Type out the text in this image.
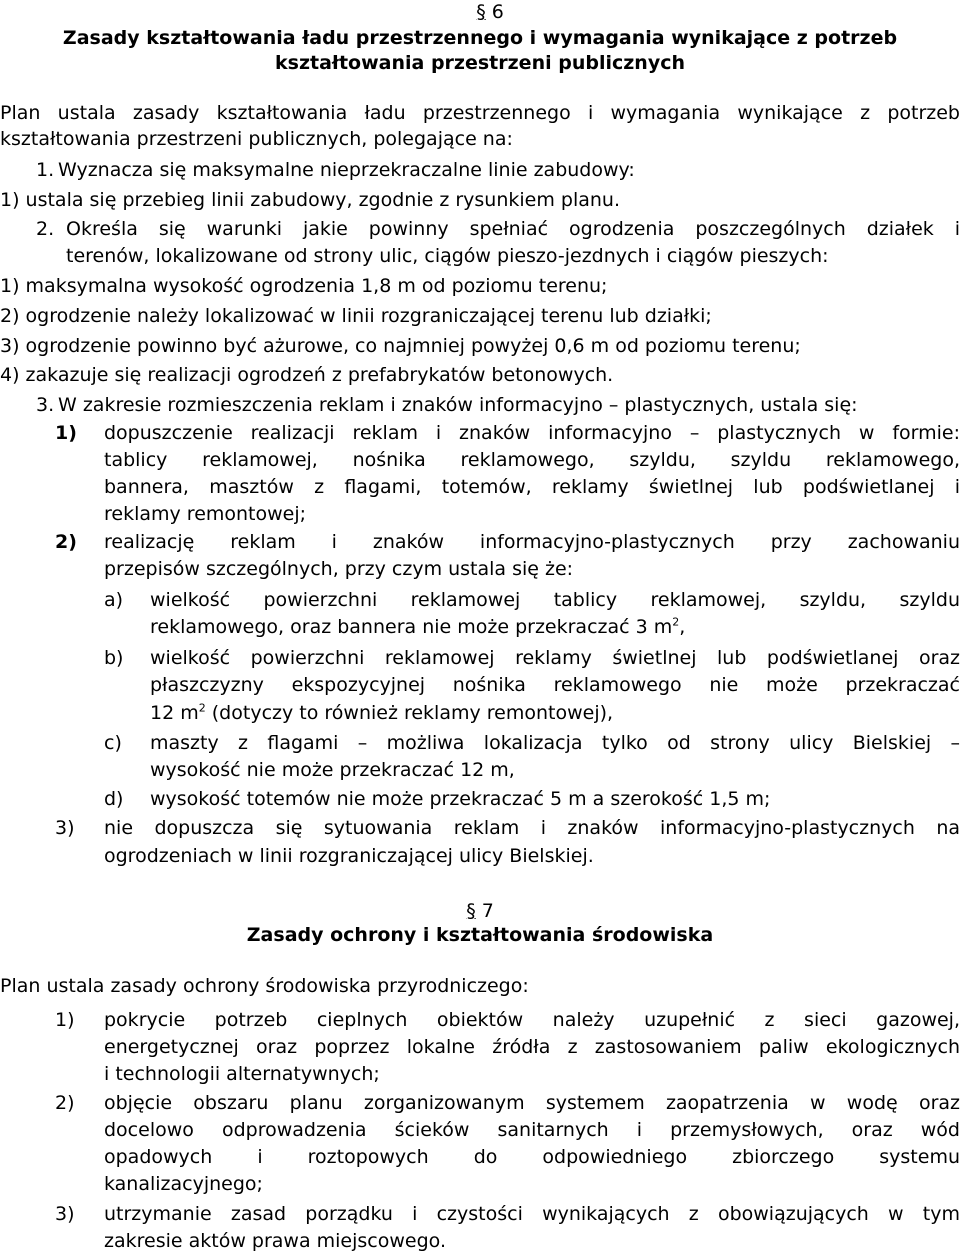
§ 6
Zasady kształtowania ładu przestrzennego i wymagania wynikające z potrzeb
kształtowania przestrzeni publicznych
Plan ustala zasady kształtowania ładu przestrzennego i wymagania wynikające z potrzeb
kształtowania przestrzeni publicznych, polegające na:
1. Wyznacza się maksymalne nieprzekraczalne linie zabudowy:
1) ustala się przebieg linii zabudowy, zgodnie z rysunkiem planu.
2. Określa się warunki jakie powinny spełniać ogrodzenia poszczególnych działek i
terenów, lokalizowane od strony ulic, ciągów pieszo-jezdnych i ciągów pieszych:
1) maksymalna wysokość ogrodzenia 1,8 m od poziomu terenu;
2) ogrodzenie należy lokalizować w linii rozgraniczającej terenu lub działki;
3) ogrodzenie powinno być ażurowe, co najmniej powyżej 0,6 m od poziomu terenu;
4) zakazuje się realizacji ogrodzeń z prefabrykatów betonowych.
3. W zakresie rozmieszczenia reklam i znaków informacyjno – plastycznych, ustala się:
1) dopuszczenie realizacji reklam i znaków informacyjno – plastycznych w formie:
tablicy reklamowej, nośnika reklamowego, szyldu, szyldu reklamowego,
bannera, masztów z flagami, totemów, reklamy świetlnej lub podświetlanej i
reklamy remontowej;
2) realizację reklam i znaków informacyjno-plastycznych przy zachowaniu
przepisów szczególnych, przy czym ustala się że:
a) wielkość powierzchni reklamowej tablicy reklamowej, szyldu, szyldu
reklamowego, oraz bannera nie może przekraczać 3 $m^2$,
b) wielkość powierzchni reklamowej reklamy świetlnej lub podświetlanej oraz
płaszczyzny ekspozycyjnej nośnika reklamowego nie może przekraczać
12 $m^2$ (dotyczy to również reklamy remontowej),
c) maszty z flagami – możliwa lokalizacja tylko od strony ulicy Bielskiej –
wysokość nie może przekraczać 12 m,
d) wysokość totemów nie może przekraczać 5 m a szerokość 1,5 m;
3) nie dopuszcza się sytuowania reklam i znaków informacyjno-plastycznych na
ogrodzeniach w linii rozgraniczającej ulicy Bielskiej.
§ 7
Zasady ochrony i kształtowania środowiska
Plan ustala zasady ochrony środowiska przyrodniczego:
1) pokrycie potrzeb cieplnych obiektów należy uzupełnić z sieci gazowej,
energetycznej oraz poprzez lokalne źródła z zastosowaniem paliw ekologicznych
i technologii alternatywnych;
2) objęcie obszaru planu zorganizowanym systemem zaopatrzenia w wodę oraz
docelowo odprowadzenia ścieków sanitarnych i przemysłowych, oraz wód
opadowych i roztopowych do odpowiedniego zbiorczego systemu
kanalizacyjnego;
3) utrzymanie zasad porządku i czystości wynikających z obowiązujących w tym
zakresie aktów prawa miejscowego.
